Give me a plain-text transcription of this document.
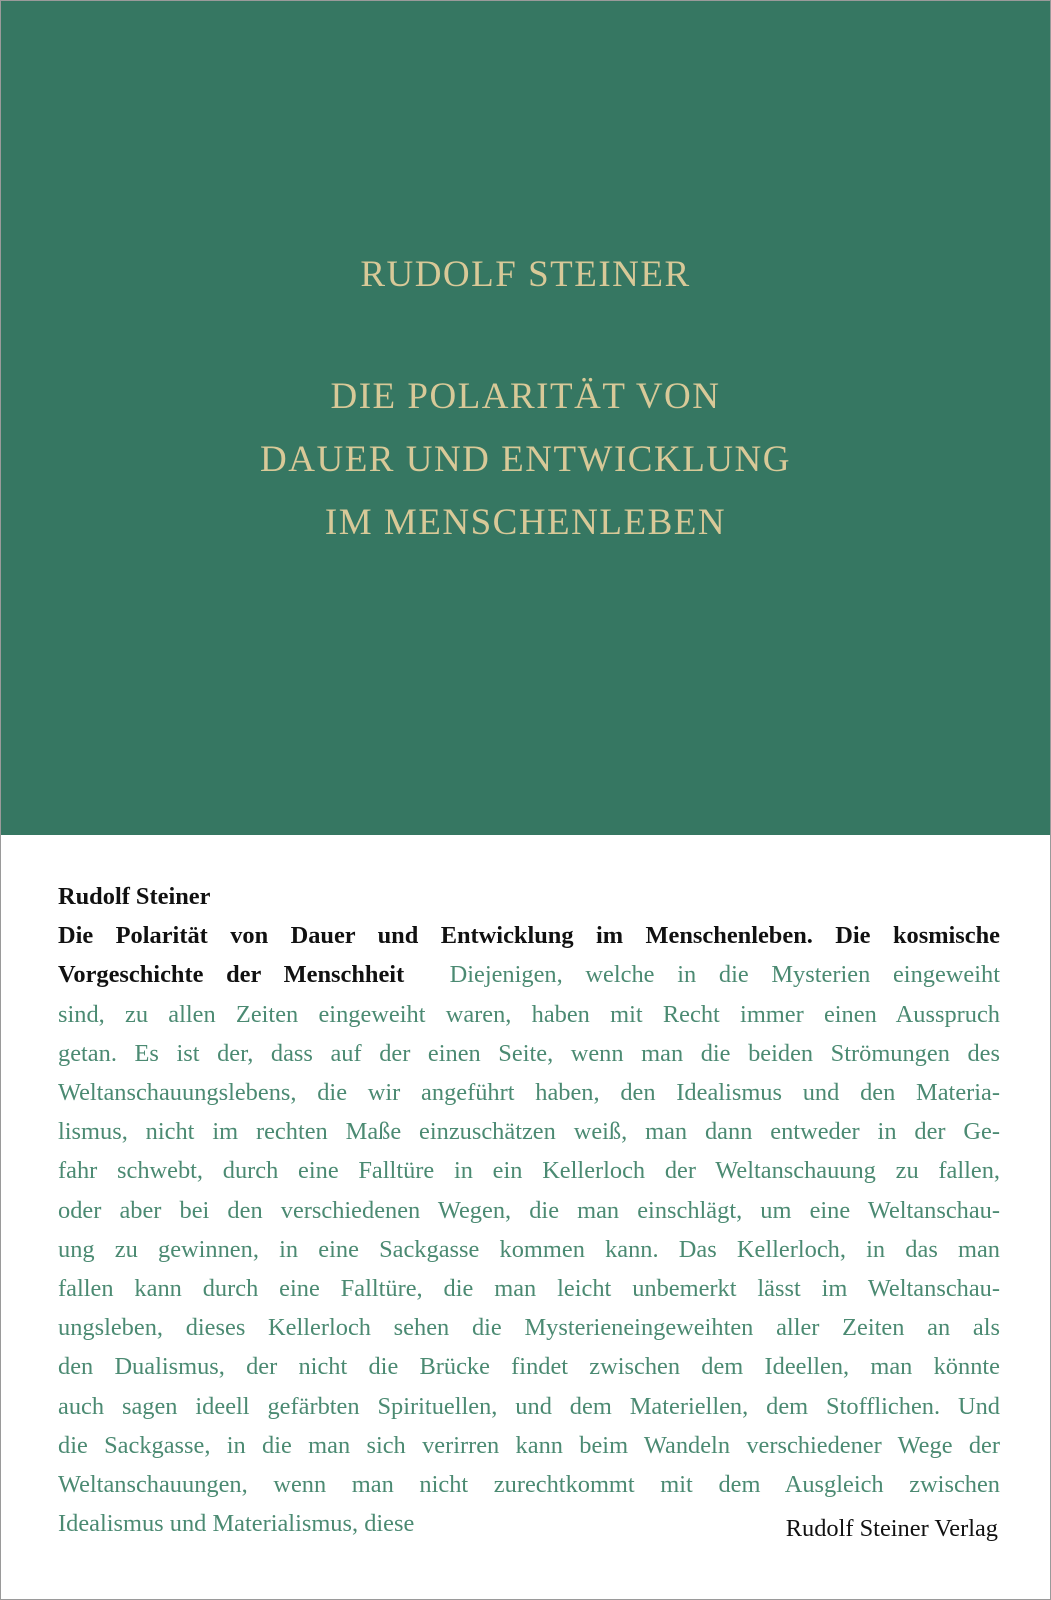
RUDOLF STEINER
DIE POLARITÄT VON
DAUER UND ENTWICKLUNG
IM MENSCHENLEBEN
Rudolf Steiner
Die Polarität von Dauer und Entwicklung im Menschenleben. Die kosmische
Vorgeschichte der Menschheit Diejenigen, welche in die Mysterien eingeweiht
sind, zu allen Zeiten eingeweiht waren, haben mit Recht immer einen Ausspruch
getan. Es ist der, dass auf der einen Seite, wenn man die beiden Strömungen des
Weltanschauungslebens, die wir angeführt haben, den Idealismus und den Materia-
lismus, nicht im rechten Maße einzuschätzen weiß, man dann entweder in der Ge-
fahr schwebt, durch eine Falltüre in ein Kellerloch der Weltanschauung zu fallen,
oder aber bei den verschiedenen Wegen, die man einschlägt, um eine Weltanschau-
ung zu gewinnen, in eine Sackgasse kommen kann. Das Kellerloch, in das man
fallen kann durch eine Falltüre, die man leicht unbemerkt lässt im Weltanschau-
ungsleben, dieses Kellerloch sehen die Mysterieneingeweihten aller Zeiten an als
den Dualismus, der nicht die Brücke findet zwischen dem Ideellen, man könnte
auch sagen ideell gefärbten Spirituellen, und dem Materiellen, dem Stofflichen. Und
die Sackgasse, in die man sich verirren kann beim Wandeln verschiedener Wege der
Weltanschauungen, wenn man nicht zurechtkommt mit dem Ausgleich zwischen
Idealismus und Materialismus, diese	Rudolf Steiner Verlag
